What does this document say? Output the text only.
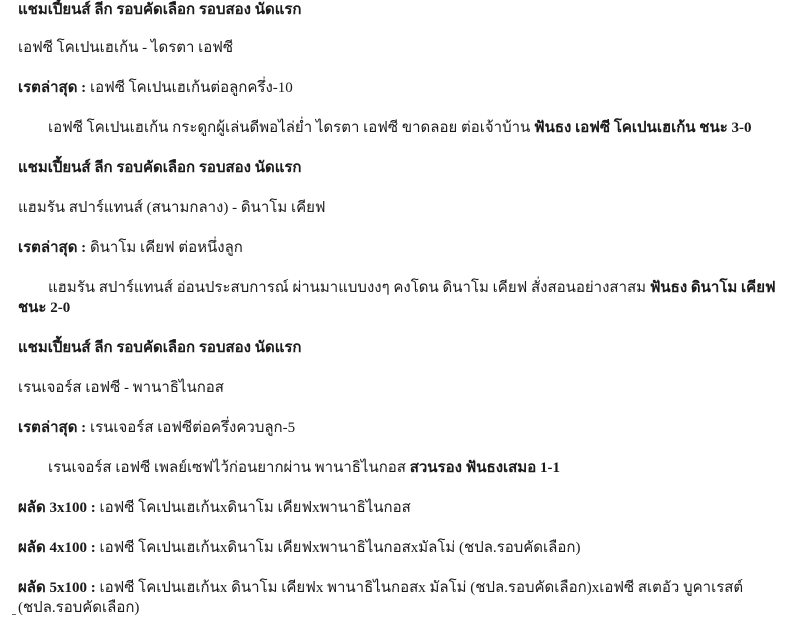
แชมเปี้ยนส์ ลีก รอบคัดเลือก รอบสอง นัดแรก
เอฟซี โคเปนเฮเก้น - ไดรตา เอฟซี
เรตล่าสุด : เอฟซี โคเปนเฮเก้นต่อลูกครึ่ง-10
เอฟซี โคเปนเฮเก้น กระดูกผู้เล่นดีพอไล่ย่ำ ไดรตา เอฟซี ขาดลอย ต่อเจ้าบ้าน ฟันธง เอฟซี โคเปนเฮเก้น ชนะ 3-0
แชมเปี้ยนส์ ลีก รอบคัดเลือก รอบสอง นัดแรก
แฮมรัน สปาร์แทนส์ (สนามกลาง) - ดินาโม เคียฟ
เรตล่าสุด : ดินาโม เคียฟ ต่อหนึ่งลูก
แฮมรัน สปาร์แทนส์ อ่อนประสบการณ์ ผ่านมาแบบงงๆ คงโดน ดินาโม เคียฟ สั่งสอนอย่างสาสม ฟันธง ดินาโม เคียฟ
ชนะ 2-0
แชมเปี้ยนส์ ลีก รอบคัดเลือก รอบสอง นัดแรก
เรนเจอร์ส เอฟซี - พานาธิไนกอส
เรตล่าสุด : เรนเจอร์ส เอฟซีต่อครึ่งควบลูก-5
เรนเจอร์ส เอฟซี เพลย์เซฟไว้ก่อนยากผ่าน พานาธิไนกอส สวนรอง ฟันธงเสมอ 1-1
ผลัด 3x100 : เอฟซี โคเปนเฮเก้นxดินาโม เคียฟxพานาธิไนกอส
ผลัด 4x100 : เอฟซี โคเปนเฮเก้นxดินาโม เคียฟxพานาธิไนกอสxมัลโม่ (ชปล.รอบคัดเลือก)
ผลัด 5x100 : เอฟซี โคเปนเฮเก้นx ดินาโม เคียฟx พานาธิไนกอสx มัลโม่ (ชปล.รอบคัดเลือก)xเอฟซี สเตอัว บูคาเรสต์
(ชปล.รอบคัดเลือก)
